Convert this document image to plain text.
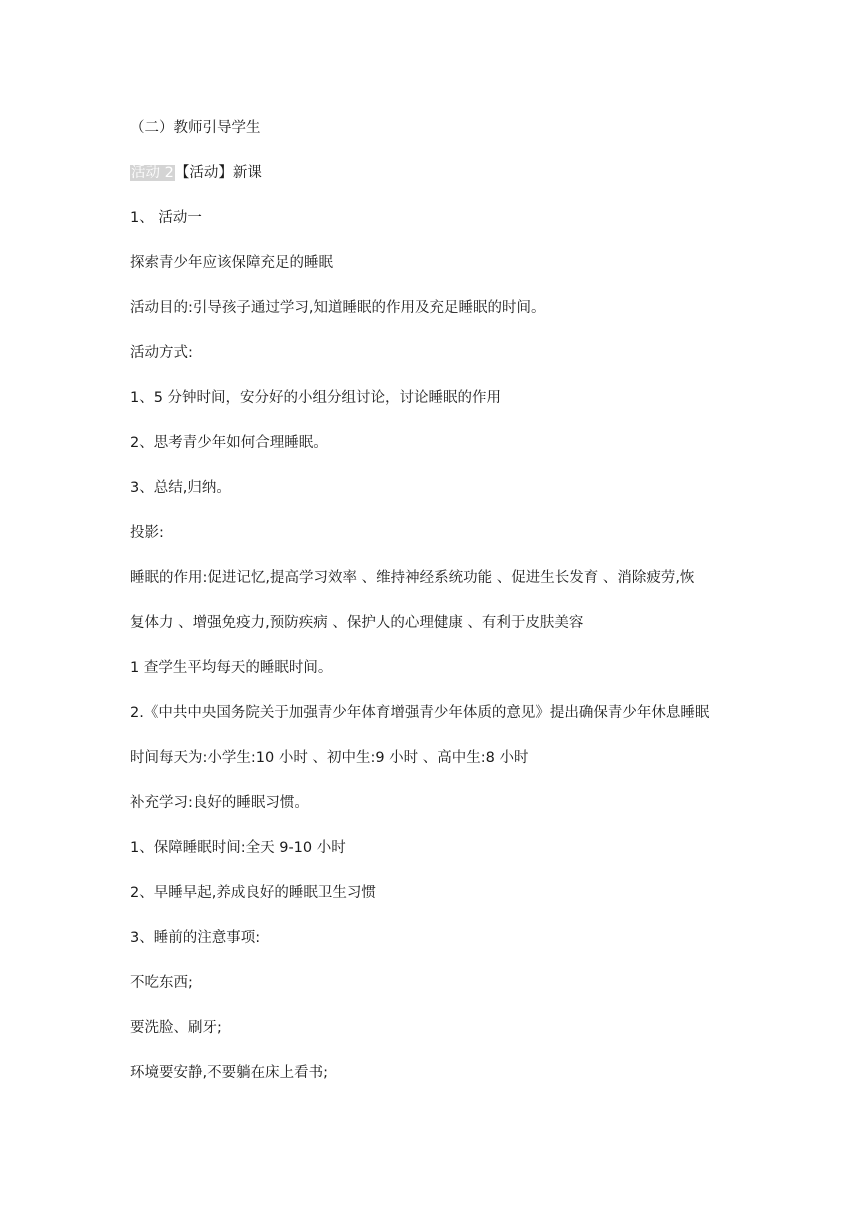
（二）教师引导学生
活动 2【活动】新课
1、 活动一
探索青少年应该保障充足的睡眠
活动目的:引导孩子通过学习,知道睡眠的作用及充足睡眠的时间。
活动方式:
1、5 分钟时间，安分好的小组分组讨论，讨论睡眠的作用
2、思考青少年如何合理睡眠。
3、总结,归纳。
投影:
睡眠的作用:促进记忆,提高学习效率 、维持神经系统功能 、促进生长发育 、消除疲劳,恢
复体力 、增强免疫力,预防疾病 、保护人的心理健康 、有利于皮肤美容
1 查学生平均每天的睡眠时间。
2.《中共中央国务院关于加强青少年体育增强青少年体质的意见》提出确保青少年休息睡眠
时间每天为:小学生:10 小时 、初中生:9 小时 、高中生:8 小时
补充学习:良好的睡眠习惯。
1、保障睡眠时间:全天 9-10 小时
2、早睡早起,养成良好的睡眠卫生习惯
3、睡前的注意事项:
不吃东西;
要洗脸、刷牙;
环境要安静,不要躺在床上看书;
